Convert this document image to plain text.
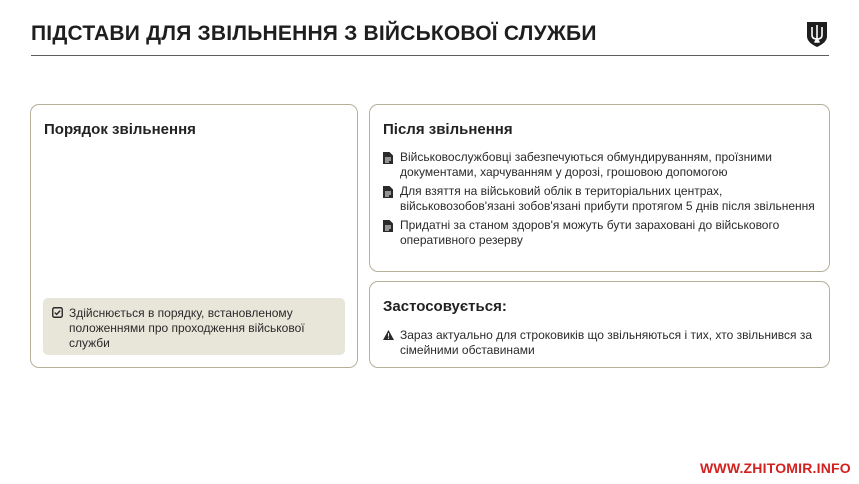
ПІДСТАВИ ДЛЯ ЗВІЛЬНЕННЯ З ВІЙСЬКОВОЇ СЛУЖБИ
Порядок звільнення
Здійснюється в порядку, встановленому положеннями про проходження військової служби
Після звільнення
Військовослужбовці забезпечуються обмундируванням, проїзними документами, харчуванням у дорозі, грошовою допомогою
Для взяття на військовий облік в територіальних центрах, військовозобов'язані зобов'язані прибути протягом 5 днів після звільнення
Придатні за станом здоров'я можуть бути зараховані до військового оперативного резерву
Застосовується:
Зараз актуально для строковиків що звільняються і тих, хто звільнився за сімейними обставинами
WWW.ZHITOMIR.INFO
